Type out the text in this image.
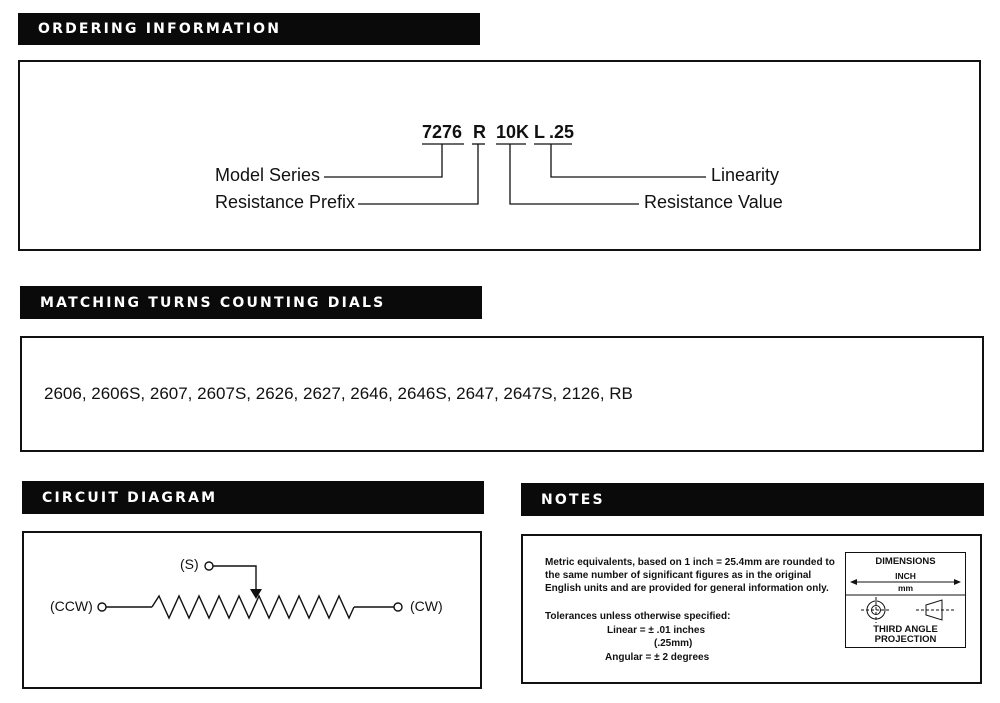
ORDERING INFORMATION
7276 R 10K L .25
Model Series
Resistance Prefix
Linearity
Resistance Value
MATCHING TURNS COUNTING DIALS
2606, 2606S, 2607, 2607S, 2626, 2627, 2646, 2646S, 2647, 2647S, 2126, RB
CIRCUIT DIAGRAM
(S)
(CCW)	(CW)
NOTES
Metric equivalents, based on 1 inch = 25.4mm are rounded to
the same number of significant figures as in the original
English units and are provided for general information only.
Tolerances unless otherwise specified:
Linear = ± .01 inches
(.25mm)
Angular = ± 2 degrees
DIMENSIONS
INCH
mm
THIRD ANGLE
PROJECTION
